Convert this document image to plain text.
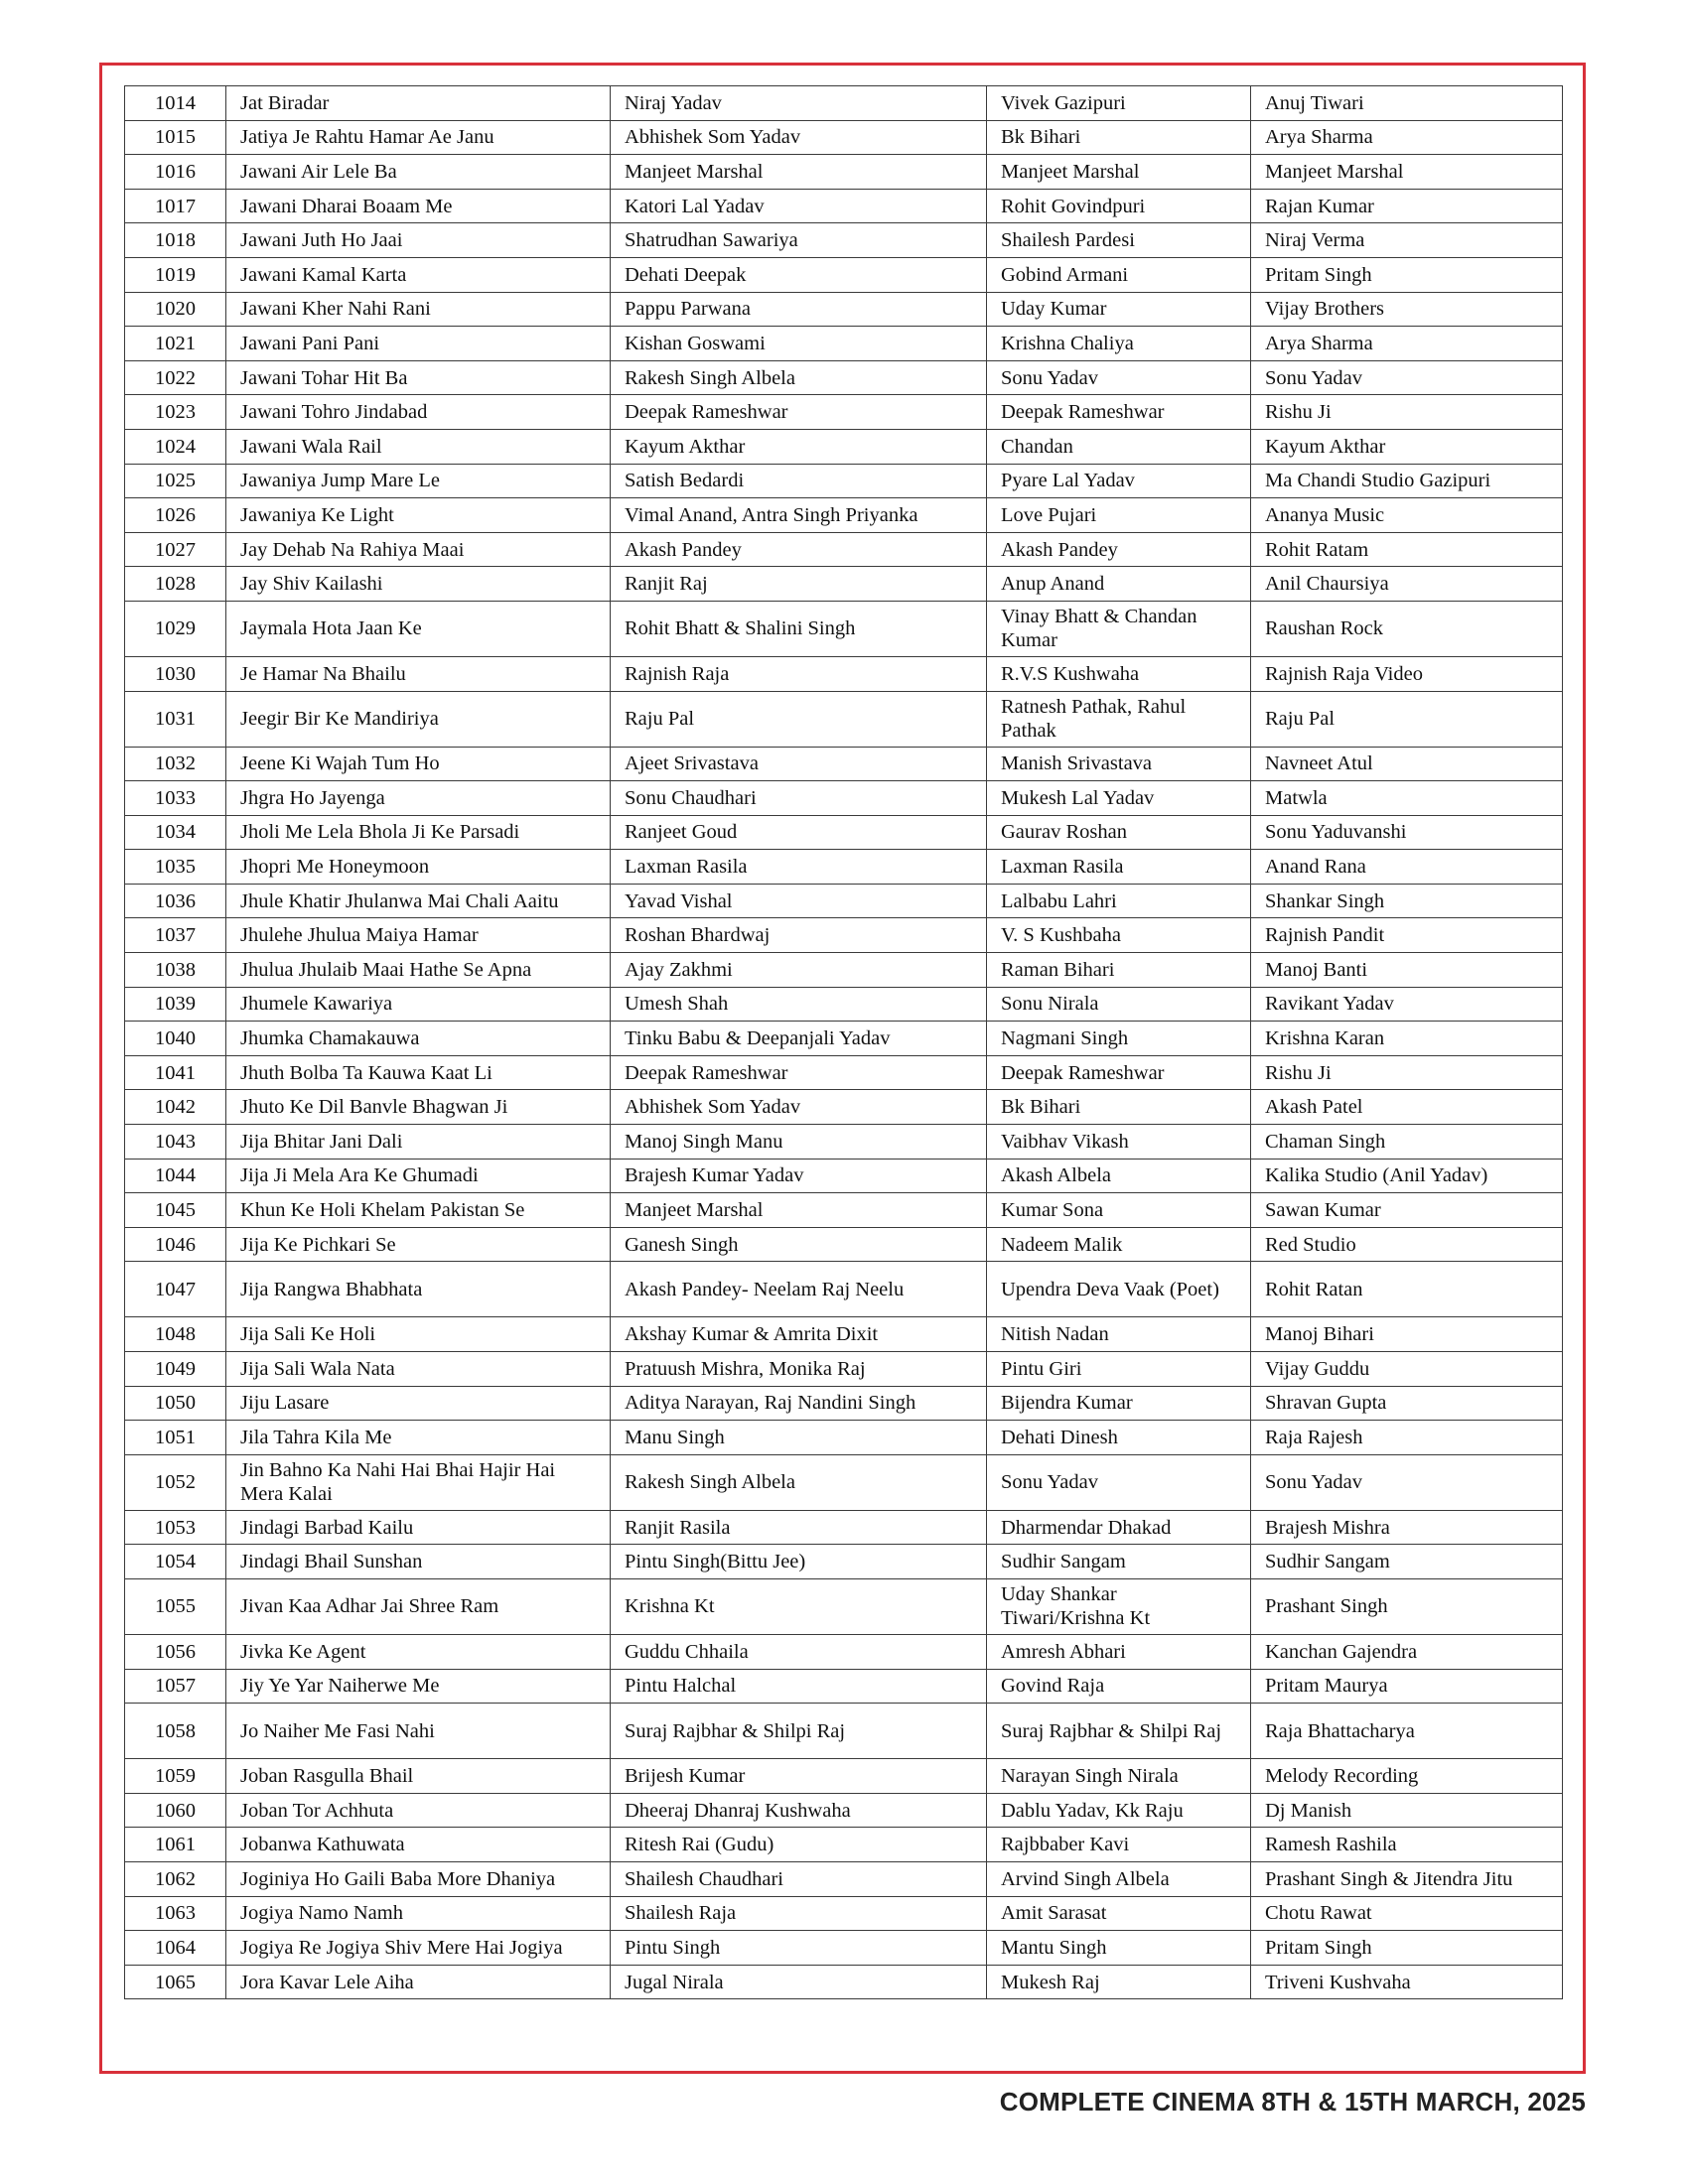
1014	Jat Biradar	Niraj Yadav	Vivek Gazipuri	Anuj Tiwari
1015	Jatiya Je Rahtu Hamar Ae Janu	Abhishek Som Yadav	Bk Bihari	Arya Sharma
1016	Jawani Air Lele Ba	Manjeet Marshal	Manjeet Marshal	Manjeet Marshal
1017	Jawani Dharai Boaam Me	Katori Lal Yadav	Rohit Govindpuri	Rajan Kumar
1018	Jawani Juth Ho Jaai	Shatrudhan Sawariya	Shailesh Pardesi	Niraj Verma
1019	Jawani Kamal Karta	Dehati Deepak	Gobind Armani	Pritam Singh
1020	Jawani Kher Nahi Rani	Pappu Parwana	Uday Kumar	Vijay Brothers
1021	Jawani Pani Pani	Kishan Goswami	Krishna Chaliya	Arya Sharma
1022	Jawani Tohar Hit Ba	Rakesh Singh Albela	Sonu Yadav	Sonu Yadav
1023	Jawani Tohro Jindabad	Deepak Rameshwar	Deepak Rameshwar	Rishu Ji
1024	Jawani Wala Rail	Kayum Akthar	Chandan	Kayum Akthar
1025	Jawaniya Jump Mare Le	Satish Bedardi	Pyare Lal Yadav	Ma Chandi Studio Gazipuri
1026	Jawaniya Ke Light	Vimal Anand, Antra Singh Priyanka	Love Pujari	Ananya Music
1027	Jay Dehab Na Rahiya Maai	Akash Pandey	Akash Pandey	Rohit Ratam
1028	Jay Shiv Kailashi	Ranjit Raj	Anup Anand	Anil Chaursiya
1029	Jaymala Hota Jaan Ke	Rohit Bhatt & Shalini Singh	Vinay Bhatt & Chandan Kumar	Raushan Rock
1030	Je Hamar Na Bhailu	Rajnish Raja	R.V.S Kushwaha	Rajnish Raja Video
1031	Jeegir Bir Ke Mandiriya	Raju Pal	Ratnesh Pathak, Rahul Pathak	Raju Pal
1032	Jeene Ki Wajah Tum Ho	Ajeet Srivastava	Manish Srivastava	Navneet Atul
1033	Jhgra Ho Jayenga	Sonu Chaudhari	Mukesh Lal Yadav	Matwla
1034	Jholi Me Lela Bhola Ji Ke Parsadi	Ranjeet Goud	Gaurav Roshan	Sonu Yaduvanshi
1035	Jhopri Me Honeymoon	Laxman Rasila	Laxman Rasila	Anand Rana
1036	Jhule Khatir Jhulanwa Mai Chali Aaitu	Yavad Vishal	Lalbabu Lahri	Shankar Singh
1037	Jhulehe Jhulua Maiya Hamar	Roshan Bhardwaj	V. S Kushbaha	Rajnish Pandit
1038	Jhulua Jhulaib Maai Hathe Se Apna	Ajay Zakhmi	Raman Bihari	Manoj Banti
1039	Jhumele Kawariya	Umesh Shah	Sonu Nirala	Ravikant Yadav
1040	Jhumka Chamakauwa	Tinku Babu & Deepanjali Yadav	Nagmani Singh	Krishna Karan
1041	Jhuth Bolba Ta Kauwa Kaat Li	Deepak Rameshwar	Deepak Rameshwar	Rishu Ji
1042	Jhuto Ke Dil Banvle Bhagwan Ji	Abhishek Som Yadav	Bk Bihari	Akash Patel
1043	Jija Bhitar Jani Dali	Manoj Singh Manu	Vaibhav Vikash	Chaman Singh
1044	Jija Ji Mela Ara Ke Ghumadi	Brajesh Kumar Yadav	Akash Albela	Kalika Studio (Anil Yadav)
1045	Khun Ke Holi Khelam Pakistan Se	Manjeet Marshal	Kumar Sona	Sawan Kumar
1046	Jija Ke Pichkari Se	Ganesh Singh	Nadeem Malik	Red Studio
1047	Jija Rangwa Bhabhata	Akash Pandey- Neelam Raj Neelu	Upendra Deva Vaak (Poet)	Rohit Ratan
1048	Jija Sali Ke Holi	Akshay Kumar & Amrita Dixit	Nitish Nadan	Manoj Bihari
1049	Jija Sali Wala Nata	Pratuush Mishra, Monika Raj	Pintu Giri	Vijay Guddu
1050	Jiju Lasare	Aditya Narayan, Raj Nandini Singh	Bijendra Kumar	Shravan Gupta
1051	Jila Tahra Kila Me	Manu Singh	Dehati Dinesh	Raja Rajesh
1052	Jin Bahno Ka Nahi Hai Bhai Hajir Hai Mera Kalai	Rakesh Singh Albela	Sonu Yadav	Sonu Yadav
1053	Jindagi Barbad Kailu	Ranjit Rasila	Dharmendar Dhakad	Brajesh Mishra
1054	Jindagi Bhail Sunshan	Pintu Singh(Bittu Jee)	Sudhir Sangam	Sudhir Sangam
1055	Jivan Kaa Adhar Jai Shree Ram	Krishna Kt	Uday Shankar Tiwari/Krishna Kt	Prashant Singh
1056	Jivka Ke Agent	Guddu Chhaila	Amresh Abhari	Kanchan Gajendra
1057	Jiy Ye Yar Naiherwe Me	Pintu Halchal	Govind Raja	Pritam Maurya
1058	Jo Naiher Me Fasi Nahi	Suraj Rajbhar & Shilpi Raj	Suraj Rajbhar & Shilpi Raj	Raja Bhattacharya
1059	Joban Rasgulla Bhail	Brijesh Kumar	Narayan Singh Nirala	Melody Recording
1060	Joban Tor Achhuta	Dheeraj Dhanraj Kushwaha	Dablu Yadav, Kk Raju	Dj Manish
1061	Jobanwa Kathuwata	Ritesh Rai (Gudu)	Rajbbaber Kavi	Ramesh Rashila
1062	Joginiya Ho Gaili Baba More Dhaniya	Shailesh Chaudhari	Arvind Singh Albela	Prashant Singh & Jitendra Jitu
1063	Jogiya Namo Namh	Shailesh Raja	Amit Sarasat	Chotu Rawat
1064	Jogiya Re Jogiya Shiv Mere Hai Jogiya	Pintu Singh	Mantu Singh	Pritam Singh
1065	Jora Kavar Lele Aiha	Jugal Nirala	Mukesh Raj	Triveni Kushvaha
COMPLETE CINEMA 8TH & 15TH MARCH, 2025
